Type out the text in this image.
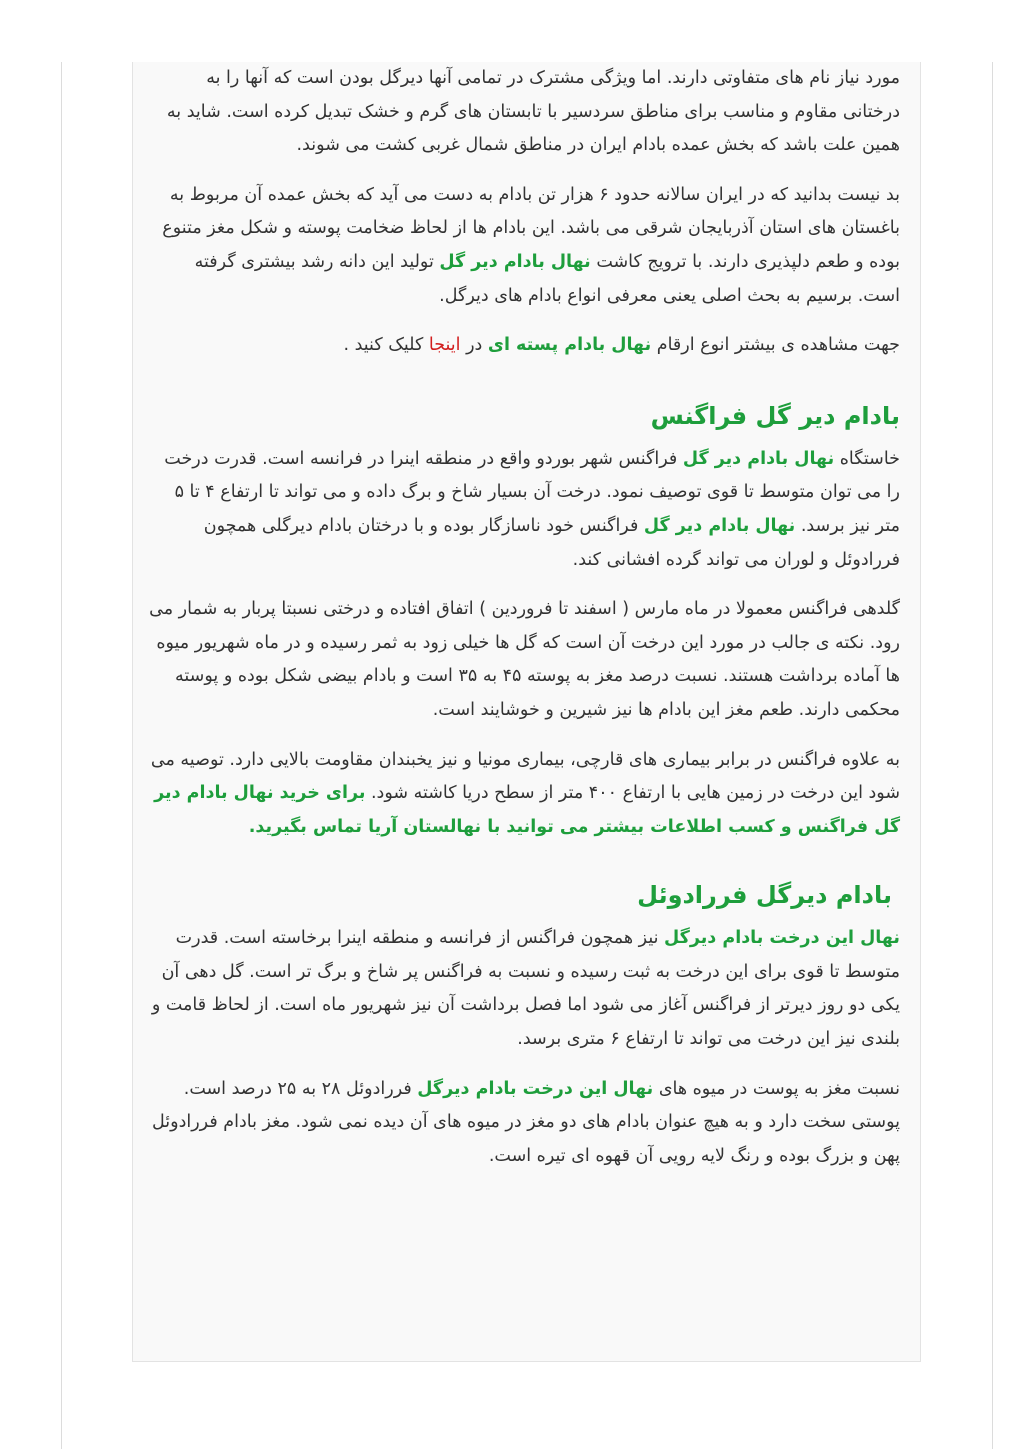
مورد نیاز نام های متفاوتی دارند. اما ویژگی مشترک در تمامی آنها دیرگل بودن است که آنها را به درختانی مقاوم و مناسب برای مناطق سردسیر با تابستان های گرم و خشک تبدیل کرده است. شاید به همین علت باشد که بخش عمده بادام ایران در مناطق شمال غربی کشت می شوند.

بد نیست بدانید که در ایران سالانه حدود ۶ هزار تن بادام به دست می آید که بخش عمده آن مربوط به باغستان های استان آذربایجان شرقی می باشد. این بادام ها از لحاظ ضخامت پوسته و شکل مغز متنوع بوده و طعم دلپذیری دارند. با ترویج کاشت نهال بادام دیر گل تولید این دانه رشد بیشتری گرفته است. برسیم به بحث اصلی یعنی معرفی انواع بادام های دیرگل.

جهت مشاهده ی بیشتر انوع ارقام نهال بادام پسته ای در اینجا کلیک کنید .

بادام دیر گل فراگنس

خاستگاه نهال بادام دیر گل فراگنس شهر بوردو واقع در منطقه اینرا در فرانسه است. قدرت درخت را می توان متوسط تا قوی توصیف نمود. درخت آن بسیار شاخ و برگ داده و می تواند تا ارتفاع ۴ تا ۵ متر نیز برسد. نهال بادام دیر گل فراگنس خود ناسازگار بوده و با درختان بادام دیرگلی همچون فررادوئل و لوران می تواند گرده افشانی کند.

گلدهی فراگنس معمولا در ماه مارس ( اسفند تا فروردین ) اتفاق افتاده و درختی نسبتا پربار به شمار می رود. نکته ی جالب در مورد این درخت آن است که گل ها خیلی زود به ثمر رسیده و در ماه شهریور میوه ها آماده برداشت هستند. نسبت درصد مغز به پوسته ۴۵ به ۳۵ است و بادام بیضی شکل بوده و پوسته محکمی دارند. طعم مغز این بادام ها نیز شیرین و خوشایند است.

به علاوه فراگنس در برابر بیماری های قارچی، بیماری مونیا و نیز یخبندان مقاومت بالایی دارد. توصیه می شود این درخت در زمین هایی با ارتفاع ۴۰۰ متر از سطح دریا کاشته شود. برای خرید نهال بادام دیر گل فراگنس و کسب اطلاعات بیشتر می توانید با نهالستان آریا تماس بگیرید.

بادام دیرگل فررادوئل

نهال این درخت بادام دیرگل نیز همچون فراگنس از فرانسه و منطقه اینرا برخاسته است. قدرت متوسط تا قوی برای این درخت به ثبت رسیده و نسبت به فراگنس پر شاخ و برگ تر است. گل دهی آن یکی دو روز دیرتر از فراگنس آغاز می شود اما فصل برداشت آن نیز شهریور ماه است. از لحاظ قامت و بلندی نیز این درخت می تواند تا ارتفاع ۶ متری برسد.

نسبت مغز به پوست در میوه های نهال این درخت بادام دیرگل فررادوئل ۲۸ به ۲۵ درصد است. پوستی سخت دارد و به هیچ عنوان بادام های دو مغز در میوه های آن دیده نمی شود. مغز بادام فررادوئل پهن و بزرگ بوده و رنگ لایه رویی آن قهوه ای تیره است.
